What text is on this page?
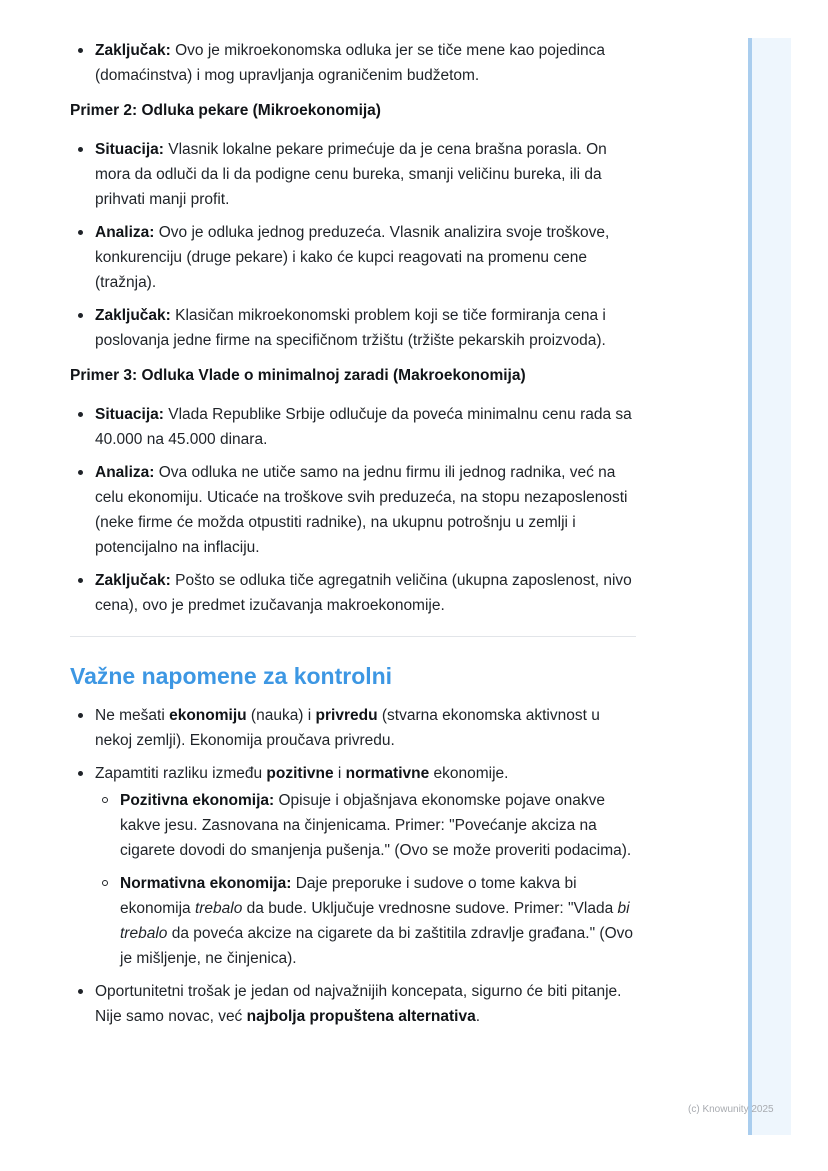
Zaključak: Ovo je mikroekonomska odluka jer se tiče mene kao pojedinca (domaćinstva) i mog upravljanja ograničenim budžetom.
Primer 2: Odluka pekare (Mikroekonomija)
Situacija: Vlasnik lokalne pekare primećuje da je cena brašna porasla. On mora da odluči da li da podigne cenu bureka, smanji veličinu bureka, ili da prihvati manji profit.
Analiza: Ovo je odluka jednog preduzeća. Vlasnik analizira svoje troškove, konkurenciju (druge pekare) i kako će kupci reagovati na promenu cene (tražnja).
Zaključak: Klasičan mikroekonomski problem koji se tiče formiranja cena i poslovanja jedne firme na specifičnom tržištu (tržište pekarskih proizvoda).
Primer 3: Odluka Vlade o minimalnoj zaradi (Makroekonomija)
Situacija: Vlada Republike Srbije odlučuje da poveća minimalnu cenu rada sa 40.000 na 45.000 dinara.
Analiza: Ova odluka ne utiče samo na jednu firmu ili jednog radnika, već na celu ekonomiju. Uticaće na troškove svih preduzeća, na stopu nezaposlenosti (neke firme će možda otpustiti radnike), na ukupnu potrošnju u zemlji i potencijalno na inflaciju.
Zaključak: Pošto se odluka tiče agregatnih veličina (ukupna zaposlenost, nivo cena), ovo je predmet izučavanja makroekonomije.
Važne napomene za kontrolni
Ne mešati ekonomiju (nauka) i privredu (stvarna ekonomska aktivnost u nekoj zemlji). Ekonomija proučava privredu.
Zapamtiti razliku između pozitivne i normativne ekonomije.
Pozitivna ekonomija: Opisuje i objašnjava ekonomske pojave onakve kakve jesu. Zasnovana na činjenicama. Primer: "Povećanje akciza na cigarete dovodi do smanjenja pušenja." (Ovo se može proveriti podacima).
Normativna ekonomija: Daje preporuke i sudove o tome kakva bi ekonomija trebalo da bude. Uključuje vrednosne sudove. Primer: "Vlada bi trebalo da poveća akcize na cigarete da bi zaštitila zdravlje građana." (Ovo je mišljenje, ne činjenica).
Oportunitetni trošak je jedan od najvažnijih koncepata, sigurno će biti pitanje. Nije samo novac, već najbolja propuštena alternativa.
(c) Knowunity 2025
